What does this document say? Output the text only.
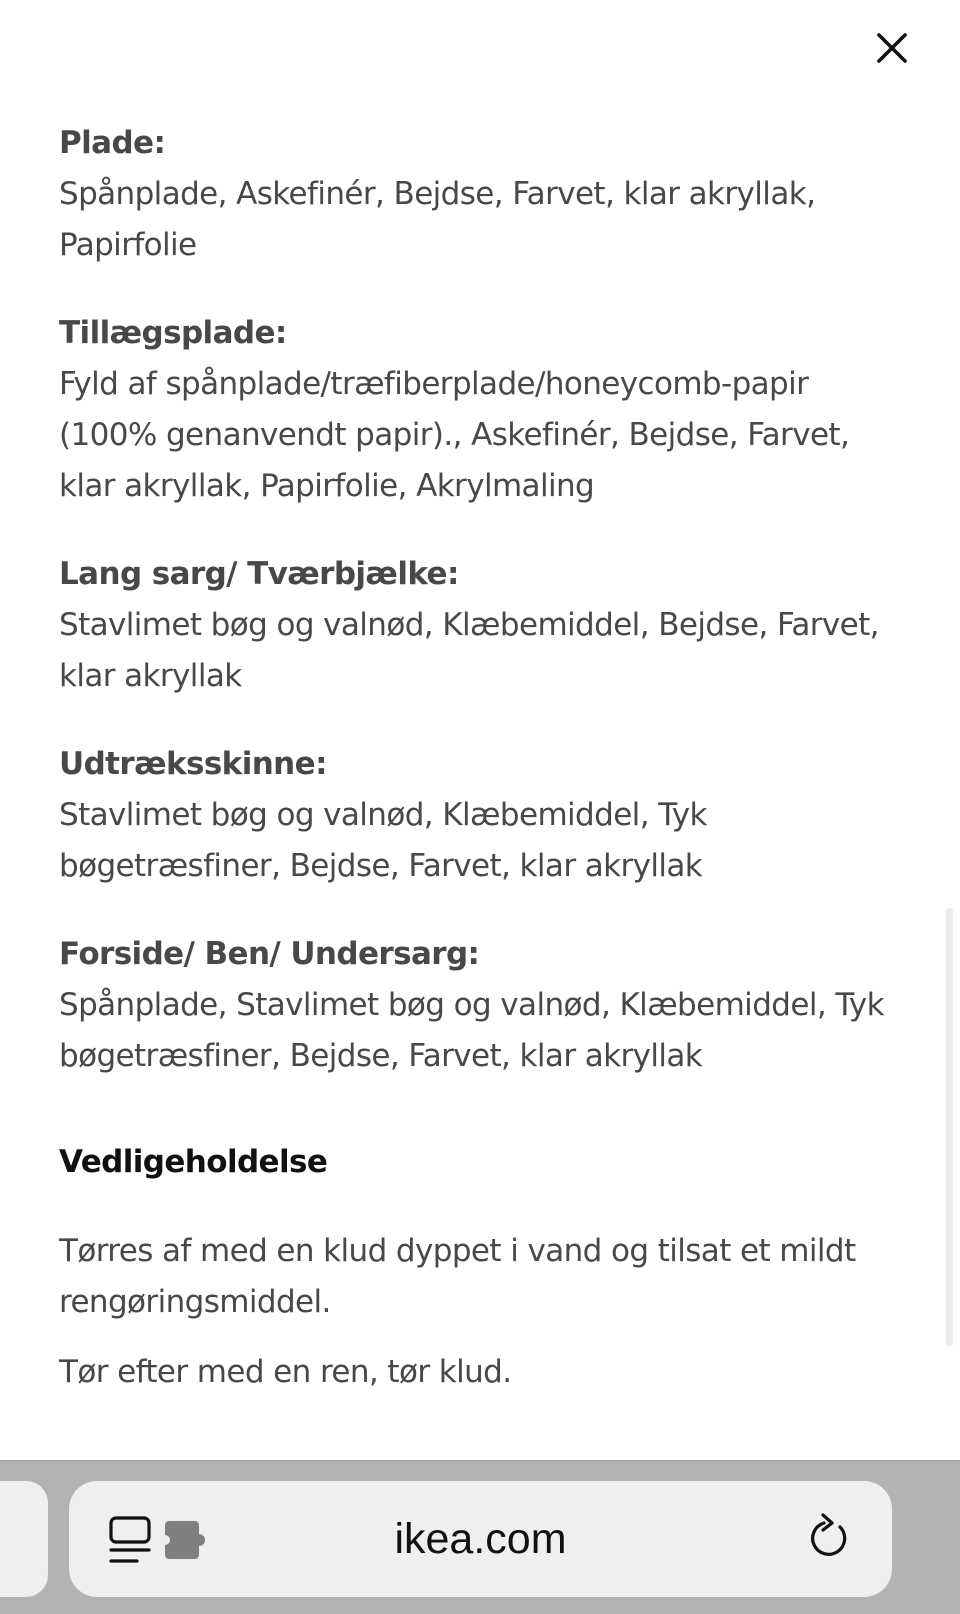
Plade:
Spånplade, Askefinér, Bejdse, Farvet, klar akryllak, Papirfolie
Tillægsplade:
Fyld af spånplade/træfiberplade/honeycomb-papir (100% genanvendt papir)., Askefinér, Bejdse, Farvet, klar akryllak, Papirfolie, Akrylmaling
Lang sarg/ Tværbjælke:
Stavlimet bøg og valnød, Klæbemiddel, Bejdse, Farvet, klar akryllak
Udtræksskinne:
Stavlimet bøg og valnød, Klæbemiddel, Tyk bøgetræsfiner, Bejdse, Farvet, klar akryllak
Forside/ Ben/ Undersarg:
Spånplade, Stavlimet bøg og valnød, Klæbemiddel, Tyk bøgetræsfiner, Bejdse, Farvet, klar akryllak
Vedligeholdelse
Tørres af med en klud dyppet i vand og tilsat et mildt rengøringsmiddel.
Tør efter med en ren, tør klud.
ikea.com
